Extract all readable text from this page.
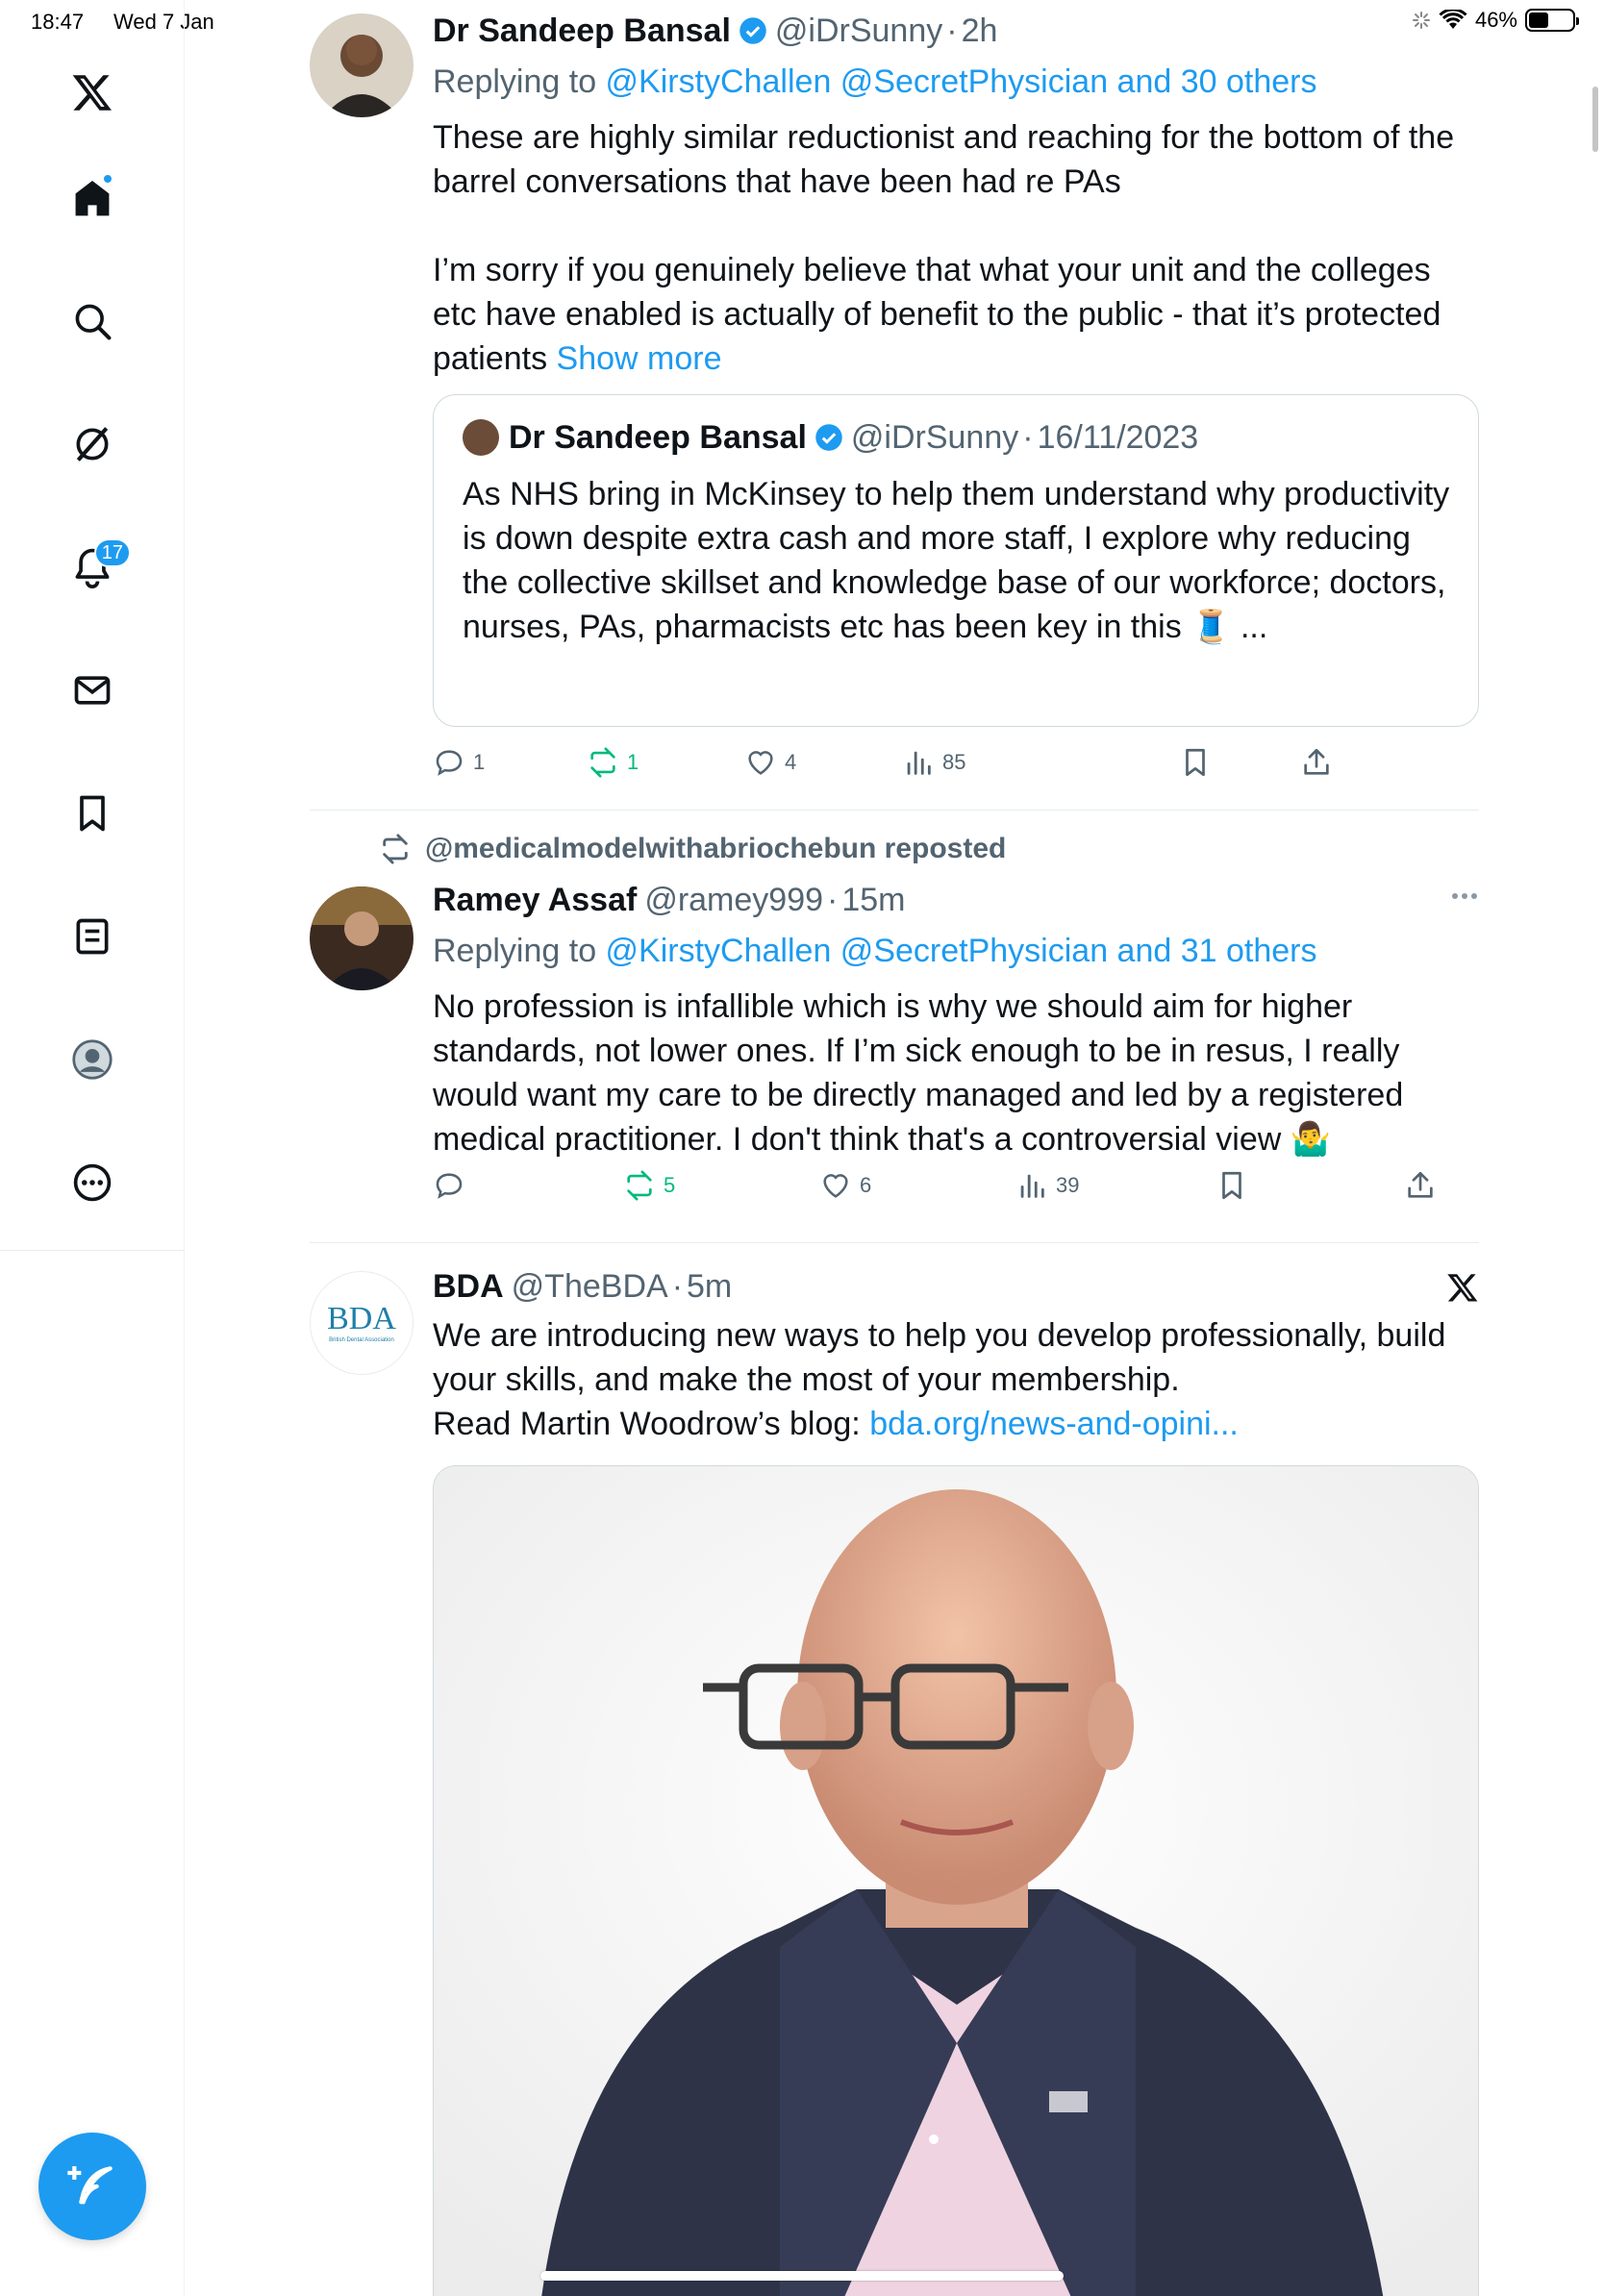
18:47 Wed 7 Jan	46%
17
Dr Sandeep Bansal @iDrSunny · 2h
Replying to @KirstyChallen @SecretPhysician and 30 others

These are highly similar reductionist and reaching for the bottom of the barrel conversations that have been had re PAs

I’m sorry if you genuinely believe that what your unit and the colleges etc have enabled is actually of benefit to the public - that it’s protected patients Show more

Dr Sandeep Bansal @iDrSunny · 16/11/2023
As NHS bring in McKinsey to help them understand why productivity is down despite extra cash and more staff, I explore why reducing the collective skillset and knowledge base of our workforce; doctors, nurses, PAs, pharmacists etc has been key in this 🧵 ...
1	1	4	85
@medicalmodelwithabriochebun reposted
Ramey Assaf @ramey999 · 15m
Replying to @KirstyChallen @SecretPhysician and 31 others
No profession is infallible which is why we should aim for higher standards, not lower ones. If I’m sick enough to be in resus, I really would want my care to be directly managed and led by a registered medical practitioner. I don't think that's a controversial view 🤷‍♂️
5	6	39
BDA
British Dental Association
BDA @TheBDA · 5m

We are introducing new ways to help you develop professionally, build your skills, and make the most of your membership.

Read Martin Woodrow’s blog: bda.org/news-and-opini...
